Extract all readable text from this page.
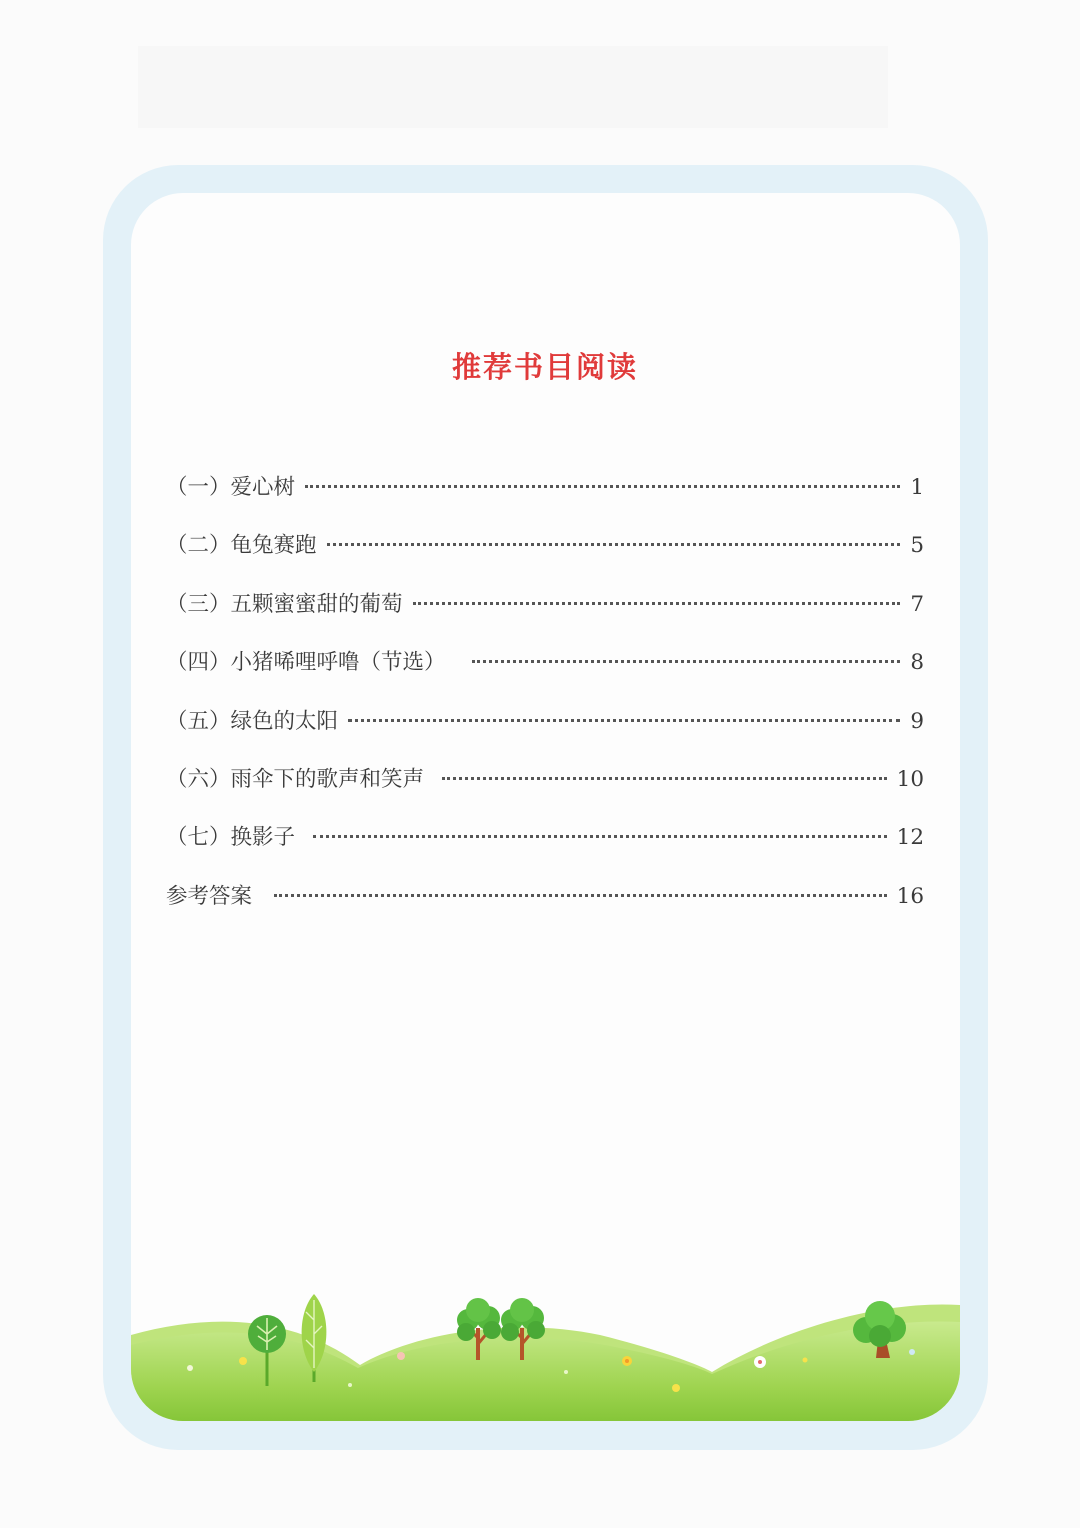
推荐书目阅读
（一）爱心树	1
（二）龟兔赛跑	5
（三）五颗蜜蜜甜的葡萄	7
（四）小猪唏哩呼噜（节选）	8
（五）绿色的太阳	9
（六）雨伞下的歌声和笑声	10
（七）换影子	12
参考答案	16
